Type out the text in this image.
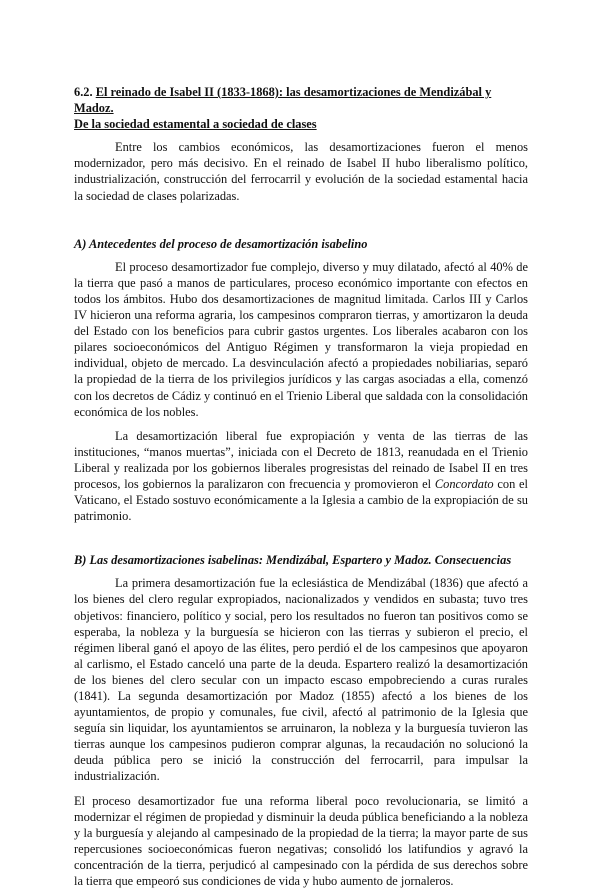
6.2. El reinado de Isabel II (1833-1868): las desamortizaciones de Mendizábal y Madoz.
De la sociedad estamental a sociedad de clases

Entre los cambios económicos, las desamortizaciones fueron el menos modernizador, pero más decisivo. En el reinado de Isabel II hubo liberalismo político, industrialización, construcción del ferrocarril y evolución de la sociedad estamental hacia la sociedad de clases polarizadas.

A) Antecedentes del proceso de desamortización isabelino

El proceso desamortizador fue complejo, diverso y muy dilatado, afectó al 40% de la tierra que pasó a manos de particulares, proceso económico importante con efectos en todos los ámbitos. Hubo dos desamortizaciones de magnitud limitada. Carlos III y Carlos IV hicieron una reforma agraria, los campesinos compraron tierras, y amortizaron la deuda del Estado con los beneficios para cubrir gastos urgentes. Los liberales acabaron con los pilares socioeconómicos del Antiguo Régimen y transformaron la vieja propiedad en individual, objeto de mercado. La desvinculación afectó a propiedades nobiliarias, separó la propiedad de la tierra de los privilegios jurídicos y las cargas asociadas a ella, comenzó con los decretos de Cádiz y continuó en el Trienio Liberal que saldada con la consolidación económica de los nobles.

La desamortización liberal fue expropiación y venta de las tierras de las instituciones, “manos muertas”, iniciada con el Decreto de 1813, reanudada en el Trienio Liberal y realizada por los gobiernos liberales progresistas del reinado de Isabel II en tres procesos, los gobiernos la paralizaron con frecuencia y promovieron el Concordato con el Vaticano, el Estado sostuvo económicamente a la Iglesia a cambio de la expropiación de su patrimonio.

B) Las desamortizaciones isabelinas: Mendizábal, Espartero y Madoz. Consecuencias

La primera desamortización fue la eclesiástica de Mendizábal (1836) que afectó a los bienes del clero regular expropiados, nacionalizados y vendidos en subasta; tuvo tres objetivos: financiero, político y social, pero los resultados no fueron tan positivos como se esperaba, la nobleza y la burguesía se hicieron con las tierras y subieron el precio, el régimen liberal ganó el apoyo de las élites, pero perdió el de los campesinos que apoyaron al carlismo, el Estado canceló una parte de la deuda. Espartero realizó la desamortización de los bienes del clero secular con un impacto escaso empobreciendo a curas rurales (1841). La segunda desamortización por Madoz (1855) afectó a los bienes de los ayuntamientos, de propio y comunales, fue civil, afectó al patrimonio de la Iglesia que seguía sin liquidar, los ayuntamientos se arruinaron, la nobleza y la burguesía tuvieron las tierras aunque los campesinos pudieron comprar algunas, la recaudación no solucionó la deuda pública pero se inició la construcción del ferrocarril, para impulsar la industrialización.

El proceso desamortizador fue una reforma liberal poco revolucionaria, se limitó a modernizar el régimen de propiedad y disminuir la deuda pública beneficiando a la nobleza y la burguesía y alejando al campesinado de la propiedad de la tierra; la mayor parte de sus repercusiones socioeconómicas fueron negativas; consolidó los latifundios y agravó la concentración de la tierra, perjudicó al campesinado con la pérdida de sus derechos sobre la tierra que empeoró sus condiciones de vida y hubo aumento de jornaleros.
